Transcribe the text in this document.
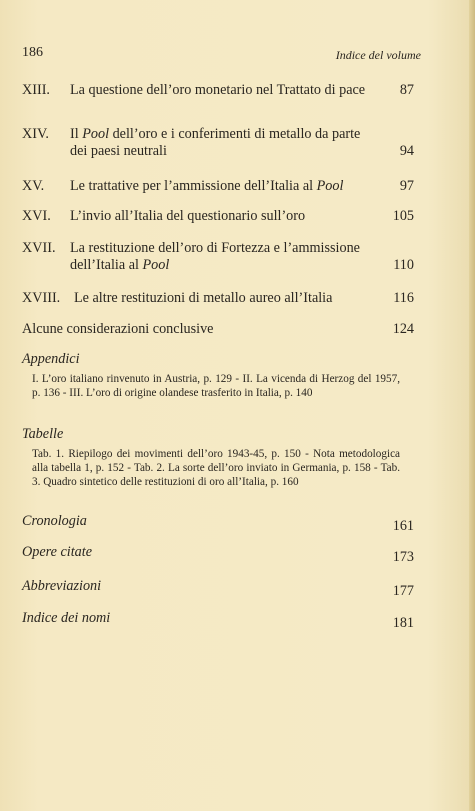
186	Indice del volume
XIII. La questione dell’oro monetario nel Trattato di pace	87
XIV. Il Pool dell’oro e i conferimenti di metallo da parte dei paesi neutrali	94
XV. Le trattative per l’ammissione dell’Italia al Pool	97
XVI. L’invio all’Italia del questionario sull’oro	105
XVII. La restituzione dell’oro di Fortezza e l’ammissione dell’Italia al Pool	110
XVIII. Le altre restituzioni di metallo aureo all’Italia	116
Alcune considerazioni conclusive	124
Appendici
I. L’oro italiano rinvenuto in Austria, p. 129 - II. La vicenda di Herzog del 1957, p. 136 - III. L’oro di origine olandese trasferito in Italia, p. 140
Tabelle
Tab. 1. Riepilogo dei movimenti dell’oro 1943-45, p. 150 - Nota metodologica alla tabella 1, p. 152 - Tab. 2. La sorte dell’oro inviato in Germania, p. 158 - Tab. 3. Quadro sintetico delle restituzioni di oro all’Italia, p. 160
Cronologia	161
Opere citate	173
Abbreviazioni	177
Indice dei nomi	181
